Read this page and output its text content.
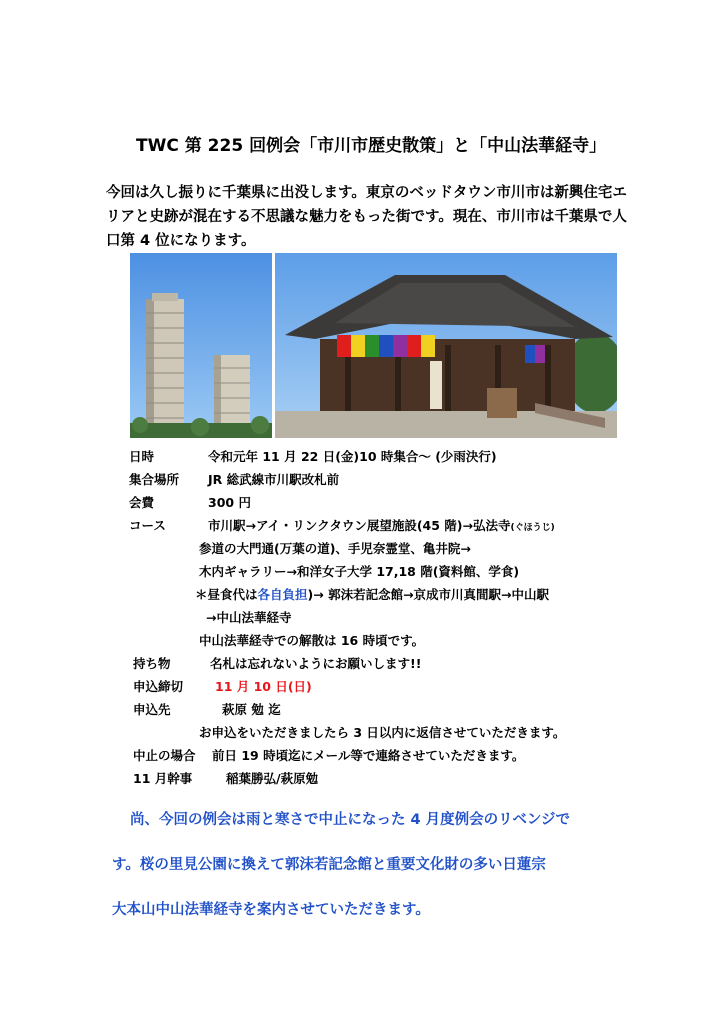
TWC 第 225 回例会「市川市歴史散策」と「中山法華経寺」
今回は久し振りに千葉県に出没します。東京のベッドタウン市川市は新興住宅エリアと史跡が混在する不思議な魅力をもった街です。現在、市川市は千葉県で人口第 4 位になります。
日時	令和元年 11 月 22 日(金)10 時集合～ (少雨決行)
集合場所 JR 総武線市川駅改札前
会費	300 円
コース	市川駅→アイ・リンクタウン展望施設(45 階)→弘法寺(ぐほうじ)
参道の大門通(万葉の道)、手児奈霊堂、亀井院→
木内ギャラリー→和洋女子大学 17,18 階(資料館、学食)
＊昼食代は各自負担)→ 郭沫若記念館→京成市川真間駅→中山駅
→中山法華経寺
中山法華経寺での解散は 16 時頃です。
持ち物	名札は忘れないようにお願いします!!
申込締切	11 月 10 日(日)
申込先	萩原 勉 迄
お申込をいただきましたら 3 日以内に返信させていただきます。
中止の場合 前日 19 時頃迄にメール等で連絡させていただきます。
11 月幹事	稲葉勝弘/萩原勉
尚、今回の例会は雨と寒さで中止になった 4 月度例会のリベンジで
す。桜の里見公園に換えて郭沫若記念館と重要文化財の多い日蓮宗
大本山中山法華経寺を案内させていただきます。
